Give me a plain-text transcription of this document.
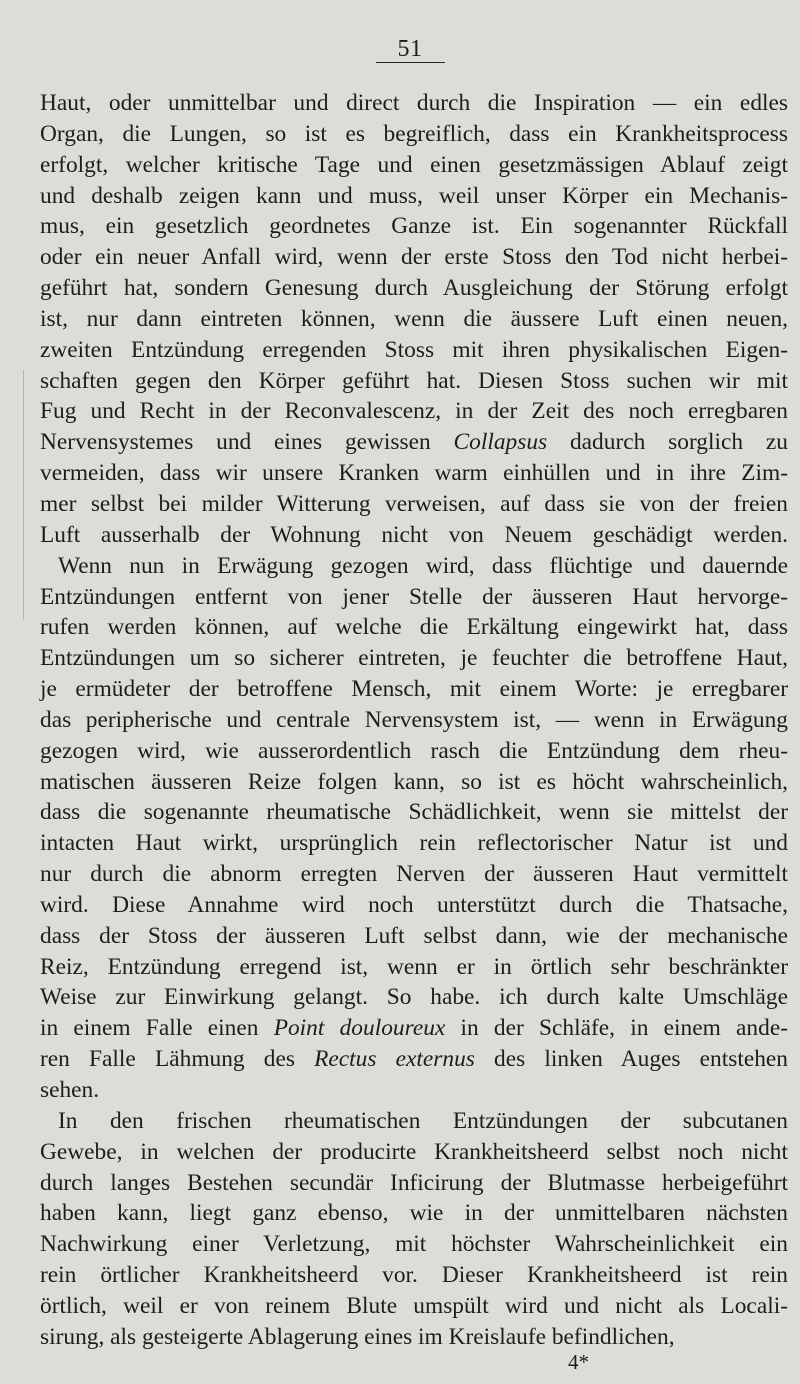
51
Haut, oder unmittelbar und direct durch die Inspiration — ein edles
Organ, die Lungen, so ist es begreiflich, dass ein Krankheitsprocess
erfolgt, welcher kritische Tage und einen gesetzmässigen Ablauf zeigt
und deshalb zeigen kann und muss, weil unser Körper ein Mechanis-
mus, ein gesetzlich geordnetes Ganze ist. Ein sogenannter Rückfall
oder ein neuer Anfall wird, wenn der erste Stoss den Tod nicht herbei-
geführt hat, sondern Genesung durch Ausgleichung der Störung erfolgt
ist, nur dann eintreten können, wenn die äussere Luft einen neuen,
zweiten Entzündung erregenden Stoss mit ihren physikalischen Eigen-
schaften gegen den Körper geführt hat. Diesen Stoss suchen wir mit
Fug und Recht in der Reconvalescenz, in der Zeit des noch erregbaren
Nervensystemes und eines gewissen Collapsus dadurch sorglich zu
vermeiden, dass wir unsere Kranken warm einhüllen und in ihre Zim-
mer selbst bei milder Witterung verweisen, auf dass sie von der freien
Luft ausserhalb der Wohnung nicht von Neuem geschädigt werden.
Wenn nun in Erwägung gezogen wird, dass flüchtige und dauernde
Entzündungen entfernt von jener Stelle der äusseren Haut hervorge-
rufen werden können, auf welche die Erkältung eingewirkt hat, dass
Entzündungen um so sicherer eintreten, je feuchter die betroffene Haut,
je ermüdeter der betroffene Mensch, mit einem Worte: je erregbarer
das peripherische und centrale Nervensystem ist, — wenn in Erwägung
gezogen wird, wie ausserordentlich rasch die Entzündung dem rheu-
matischen äusseren Reize folgen kann, so ist es höcht wahrscheinlich,
dass die sogenannte rheumatische Schädlichkeit, wenn sie mittelst der
intacten Haut wirkt, ursprünglich rein reflectorischer Natur ist und
nur durch die abnorm erregten Nerven der äusseren Haut vermittelt
wird. Diese Annahme wird noch unterstützt durch die Thatsache,
dass der Stoss der äusseren Luft selbst dann, wie der mechanische
Reiz, Entzündung erregend ist, wenn er in örtlich sehr beschränkter
Weise zur Einwirkung gelangt. So habe. ich durch kalte Umschläge
in einem Falle einen Point douloureux in der Schläfe, in einem ande-
ren Falle Lähmung des Rectus externus des linken Auges entstehen
sehen.
In den frischen rheumatischen Entzündungen der subcutanen
Gewebe, in welchen der producirte Krankheitsheerd selbst noch nicht
durch langes Bestehen secundär Inficirung der Blutmasse herbeigeführt
haben kann, liegt ganz ebenso, wie in der unmittelbaren nächsten
Nachwirkung einer Verletzung, mit höchster Wahrscheinlichkeit ein
rein örtlicher Krankheitsheerd vor. Dieser Krankheitsheerd ist rein
örtlich, weil er von reinem Blute umspült wird und nicht als Locali-
sirung, als gesteigerte Ablagerung eines im Kreislaufe befindlichen,
4*
